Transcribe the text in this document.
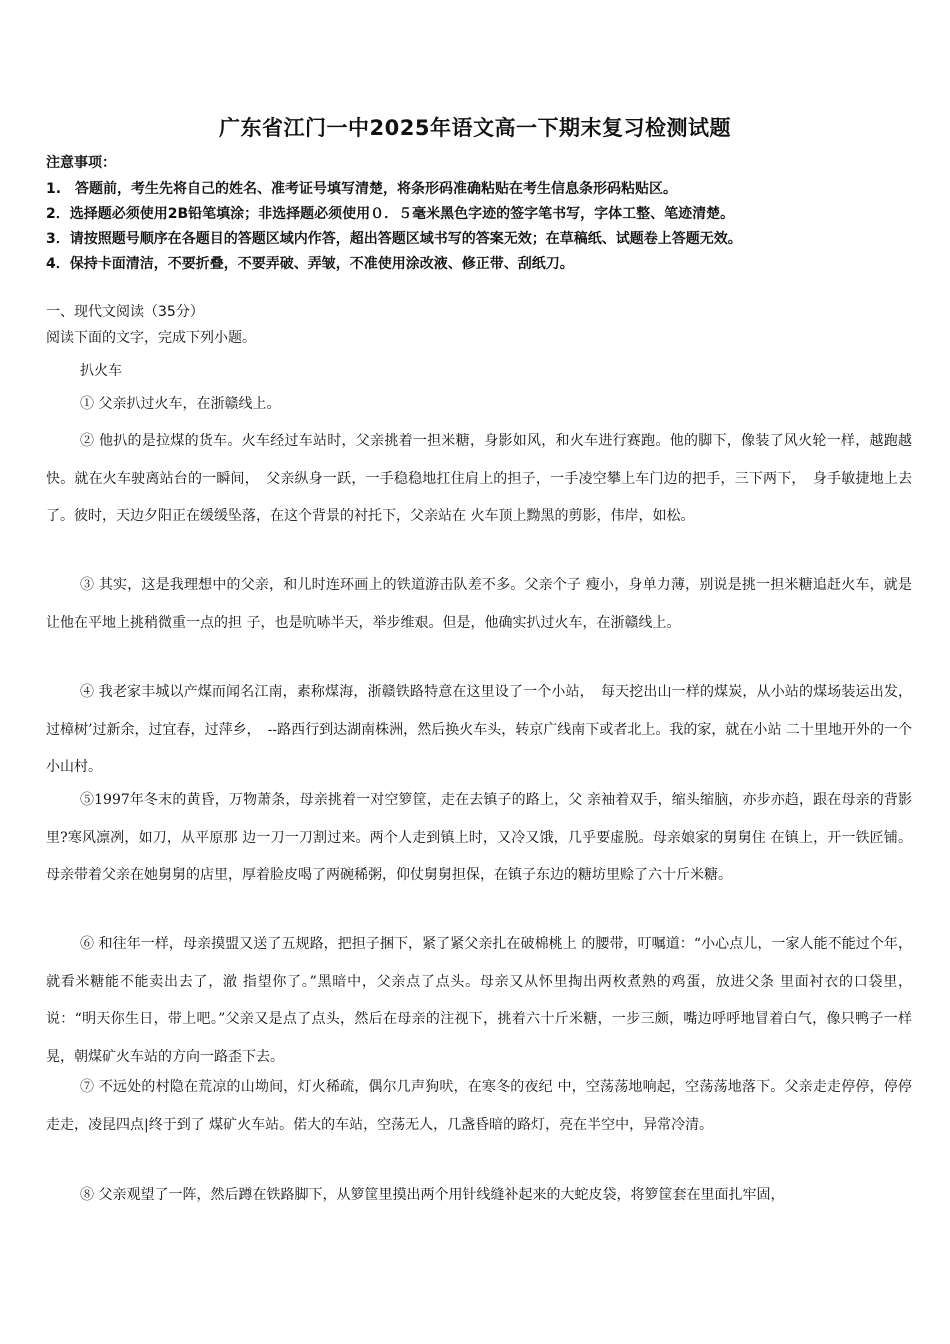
广东省江门一中2025年语文高一下期末复习检测试题
注意事项：
1.　答题前，考生先将自己的姓名、准考证号填写清楚，将条形码准确粘贴在考生信息条形码粘贴区。
2．选择题必须使用2B铅笔填涂；非选择题必须使用０．５毫米黑色字迹的签字笔书写，字体工整、笔迹清楚。
3．请按照题号顺序在各题目的答题区域内作答，超出答题区域书写的答案无效；在草稿纸、试题卷上答题无效。
4．保持卡面清洁，不要折叠，不要弄破、弄皱，不准使用涂改液、修正带、刮纸刀。
一、现代文阅读（35分）
阅读下面的文字，完成下列小题。
扒火车

① 父亲扒过火车，在浙赣线上。

② 他扒的是拉煤的货车。火车经过车站时，父亲挑着一担米糖，身影如风，和火车进行赛跑。他的脚下，像装了风火轮一样，越跑越快。就在火车驶离站台的一瞬间，　父亲纵身一跃，一手稳稳地扛住肩上的担子，一手凌空攀上车门边的把手，三下两下，　身手敏捷地上去了。彼时，天边夕阳正在缓缓坠落，在这个背景的衬托下，父亲站在 火车顶上黝黑的剪影，伟岸，如松。

③ 其实，这是我理想中的父亲，和儿时连环画上的铁道游击队差不多。父亲个子 瘦小，身单力薄，别说是挑一担米糖追赶火车，就是让他在平地上挑稍微重一点的担 子，也是吭哧半天，举步维艰。但是，他确实扒过火车，在浙赣线上。

④ 我老家丰城以产煤而闻名江南，素称煤海，浙赣铁路特意在这里设了一个小站，　每天挖出山一样的煤炭，从小站的煤场装运出发，过樟树’过新余，过宜春，过萍乡，　--路西行到达湖南株洲，然后换火车头，转京广线南下或者北上。我的家，就在小站 二十里地开外的一个小山村。

⑤1997年冬末的黄昏，万物萧条，母亲挑着一对空箩筐，走在去镇子的路上，父 亲袖着双手，缩头缩脑，亦步亦趋，跟在母亲的背影里?寒风凛冽，如刀，从平原那 边一刀一刀割过来。两个人走到镇上时，又冷又饿，几乎要虚脱。母亲娘家的舅舅住 在镇上，开一铁匠铺。母亲带着父亲在她舅舅的店里，厚着脸皮喝了两碗稀粥，仰仗舅舅担保，在镇子东边的糖坊里赊了六十斤米糖。

⑥ 和往年一样，母亲摸盟又送了五规路，把担子捆下，紧了紧父亲扎在破棉桃上 的腰带，叮嘱道：“小心点儿，一家人能不能过个年，就看米糖能不能卖出去了，澈 指望你了。”黑暗中，父亲点了点头。母亲又从怀里掏出两枚煮熟的鸡蛋，放进父条 里面衬衣的口袋里，说：“明天你生日，带上吧。”父亲又是点了点头，然后在母亲的注视下，挑着六十斤米糖，一步三颇，嘴边呼呼地冒着白气，像只鸭子一样 晃，朝煤矿火车站的方向一路歪下去。

⑦ 不远处的村隐在荒凉的山坳间，灯火稀疏，偶尔几声狗吠，在寒冬的夜纪 中，空荡荡地响起，空荡荡地落下。父亲走走停停，停停走走，凌昆四点|终于到了 煤矿火车站。偌大的车站，空荡无人，几盏昏暗的路灯，亮在半空中，异常冷清。

⑧ 父亲观望了一阵，然后蹲在铁路脚下，从箩筐里摸出两个用针线缝补起来的大蛇皮袋，将箩筐套在里面扎牢固，
